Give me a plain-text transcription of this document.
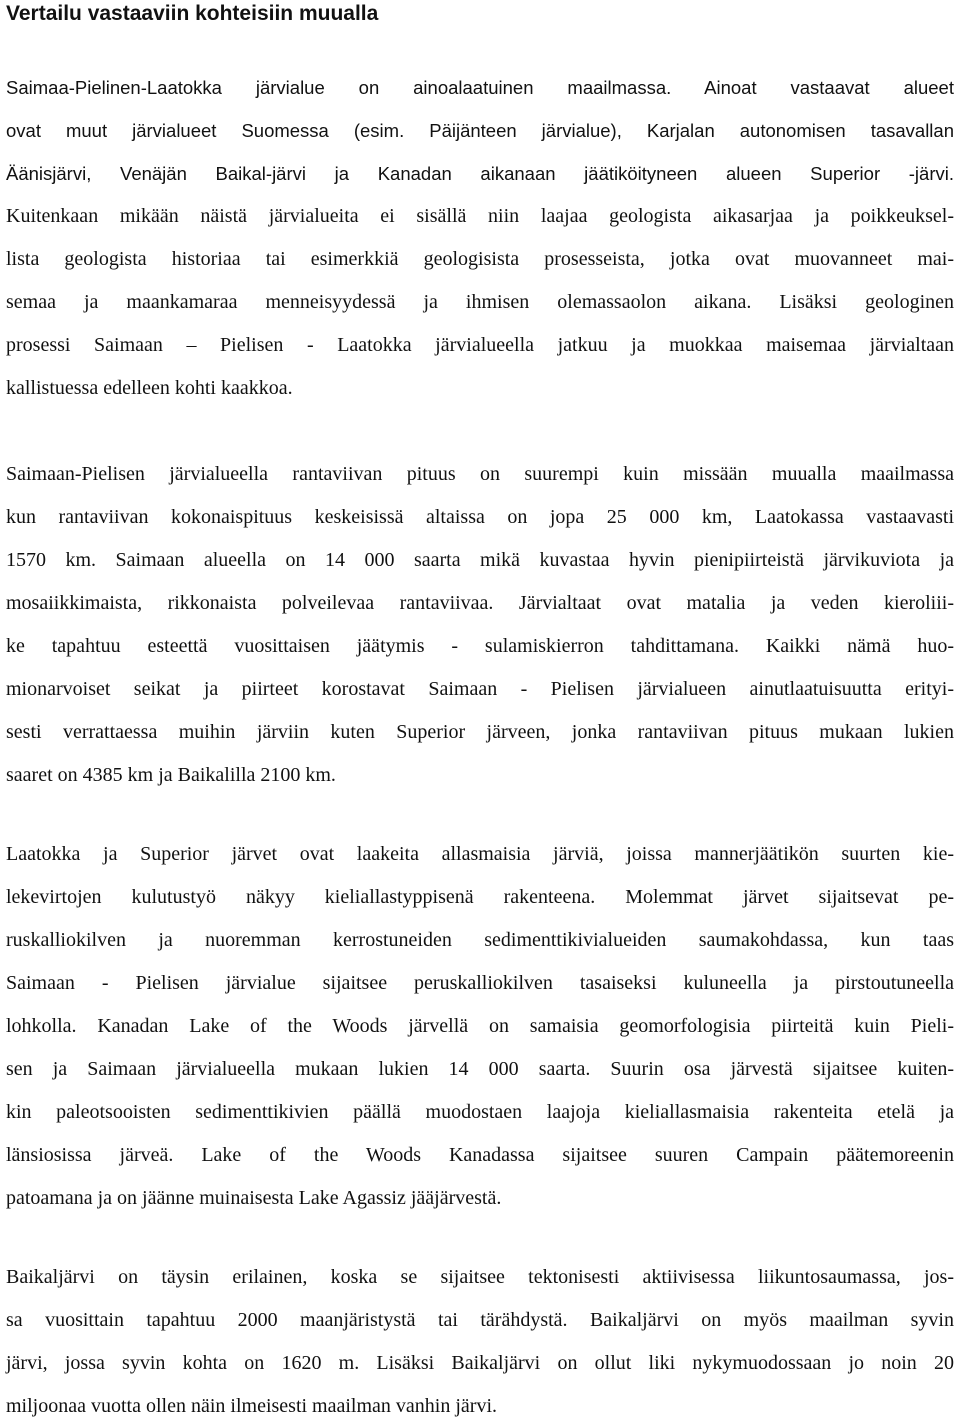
Vertailu vastaaviin kohteisiin muualla
Saimaa-Pielinen-Laatokka järvialue on ainoalaatuinen maailmassa. Ainoat vastaavat alueet
ovat muut järvialueet Suomessa (esim. Päijänteen järvialue), Karjalan autonomisen tasavallan
Äänisjärvi, Venäjän Baikal-järvi ja Kanadan aikanaan jäätiköityneen alueen Superior -järvi.
Kuitenkaan mikään näistä järvialueita ei sisällä niin laajaa geologista aikasarjaa ja poikkeuksel-
lista geologista historiaa tai esimerkkiä geologisista prosesseista, jotka ovat muovanneet mai-
semaa ja maankamaraa menneisyydessä ja ihmisen olemassaolon aikana. Lisäksi geologinen
prosessi Saimaan – Pielisen - Laatokka järvialueella jatkuu ja muokkaa maisemaa järvialtaan
kallistuessa edelleen kohti kaakkoa.
Saimaan-Pielisen järvialueella rantaviivan pituus on suurempi kuin missään muualla maailmassa
kun rantaviivan kokonaispituus keskeisissä altaissa on jopa 25 000 km, Laatokassa vastaavasti
1570 km. Saimaan alueella on 14 000 saarta mikä kuvastaa hyvin pienipiirteistä järvikuviota ja
mosaiikkimaista, rikkonaista polveilevaa rantaviivaa. Järvialtaat ovat matalia ja veden kieroliii-
ke tapahtuu esteettä vuosittaisen jäätymis - sulamiskierron tahdittamana. Kaikki nämä huo-
mionarvoiset seikat ja piirteet korostavat Saimaan - Pielisen järvialueen ainutlaatuisuutta erityi-
sesti verrattaessa muihin järviin kuten Superior järveen, jonka rantaviivan pituus mukaan lukien
saaret on 4385 km ja Baikalilla 2100 km.
Laatokka ja Superior järvet ovat laakeita allasmaisia järviä, joissa mannerjäätikön suurten kie-
lekevirtojen kulutustyö näkyy kieliallastyppisenä rakenteena. Molemmat järvet sijaitsevat pe-
ruskalliokilven ja nuoremman kerrostuneiden sedimenttikivialueiden saumakohdassa, kun taas
Saimaan - Pielisen järvialue sijaitsee peruskalliokilven tasaiseksi kuluneella ja pirstoutuneella
lohkolla. Kanadan Lake of the Woods järvellä on samaisia geomorfologisia piirteitä kuin Pieli-
sen ja Saimaan järvialueella mukaan lukien 14 000 saarta. Suurin osa järvestä sijaitsee kuiten-
kin paleotsooisten sedimenttikivien päällä muodostaen laajoja kieliallasmaisia rakenteita etelä ja
länsiosissa järveä. Lake of the Woods Kanadassa sijaitsee suuren Campain päätemoreenin
patoamana ja on jäänne muinaisesta Lake Agassiz jääjärvestä.
Baikaljärvi on täysin erilainen, koska se sijaitsee tektonisesti aktiivisessa liikuntosaumassa, jos-
sa vuosittain tapahtuu 2000 maanjäristystä tai tärähdystä. Baikaljärvi on myös maailman syvin
järvi, jossa syvin kohta on 1620 m. Lisäksi Baikaljärvi on ollut liki nykymuodossaan jo noin 20
miljoonaa vuotta ollen näin ilmeisesti maailman vanhin järvi.
